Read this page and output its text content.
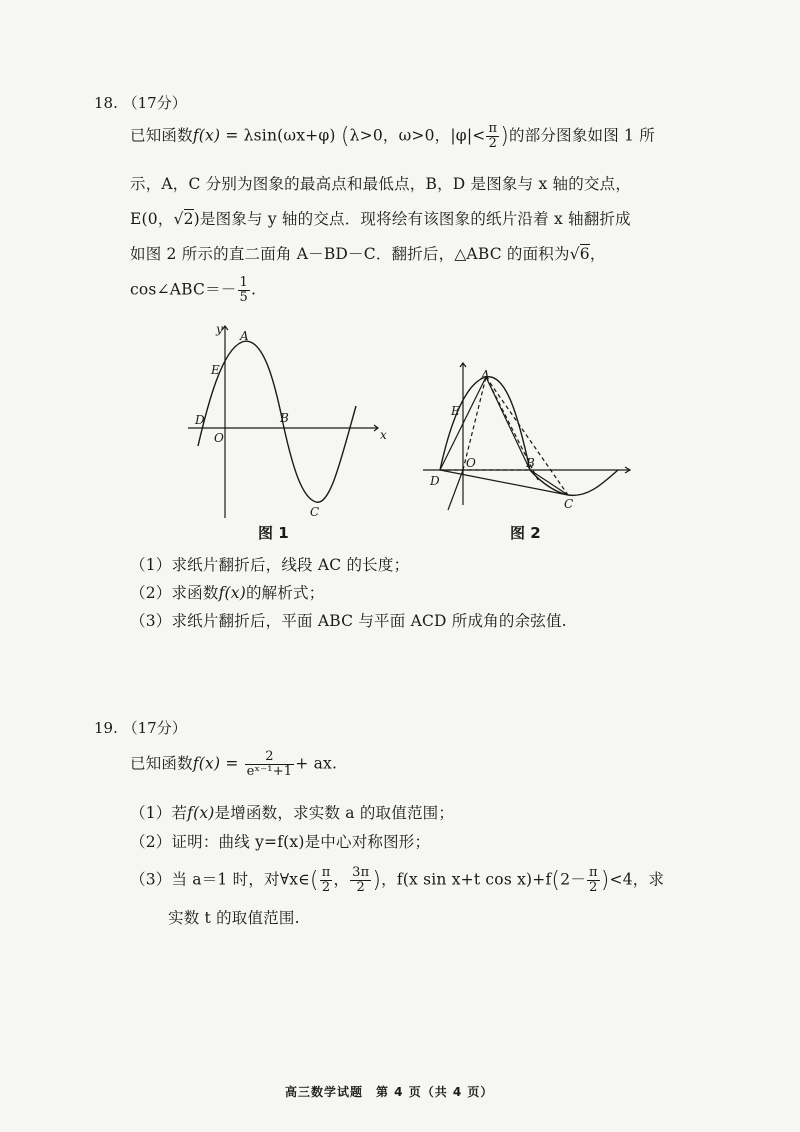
18. （17分）
已知函数f(x) = λsin(ωx+φ) (λ>0，ω>0，$|\varphi|< \frac{\pi}{2}$ )的部分图象如图 1 所
示，A，C 分别为图象的最高点和最低点，B，D 是图象与 x 轴的交点，
E(0，√2)是图象与 y 轴的交点．现将绘有该图象的纸片沿着 x 轴翻折成
如图 2 所示的直二面角 A－BD－C．翻折后，△ABC 的面积为√6，
cos∠ABC＝－ $\frac{1}{5}$ .
y
x
A
E
D
O
B
C
图 1
A
E
O	B
D
C
图 2
（1）求纸片翻折后，线段 AC 的长度；
（2）求函数f(x)的解析式；
（3）求纸片翻折后，平面 ABC 与平面 ACD 所成角的余弦值.
19. （17分）
已知函数$f(x) = \frac{2}{\text{eˣ⁻¹+1}}$ + ax.
（1）若f(x)是增函数，求实数 a 的取值范围；
（2）证明：曲线 y=f(x)是中心对称图形；
（3）当 a＝1 时，对∀x∈( $\frac{\pi}{2}$ ， $\frac{3\pi}{2}$ )，f(x sin x+t $\cos x)+f(2- \frac{\pi}{2} )<4$，求
实数 t 的取值范围.
高三数学试题　第 4 页（共 4 页）
